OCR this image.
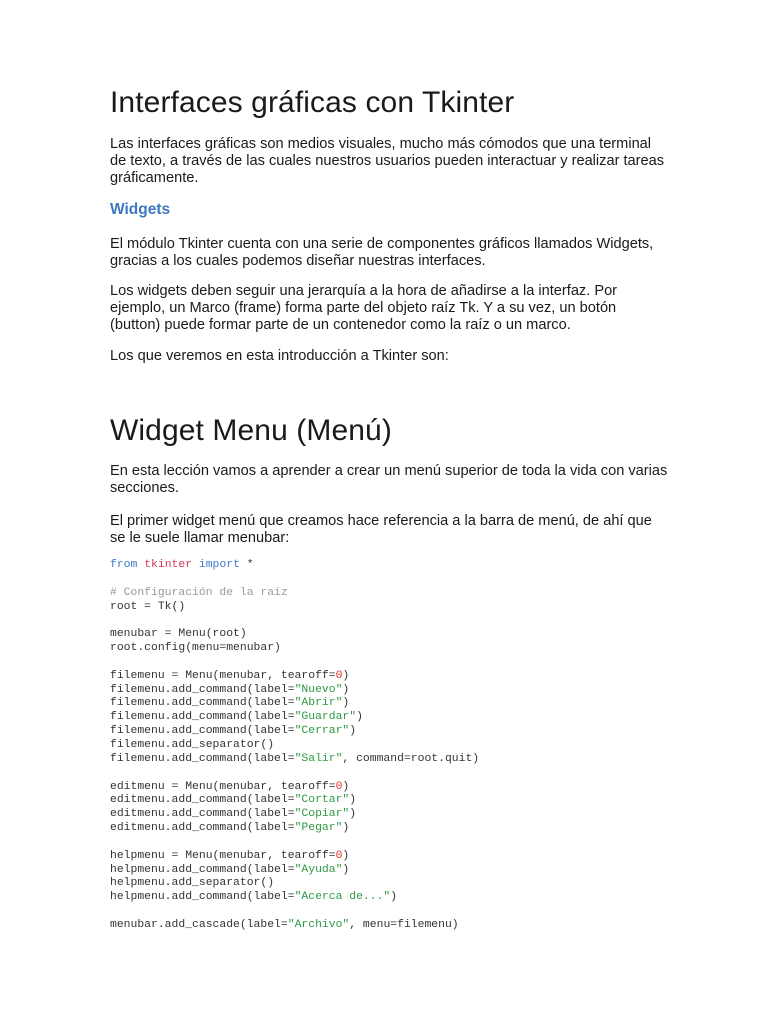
Interfaces gráficas con Tkinter

Las interfaces gráficas son medios visuales, mucho más cómodos que una terminal de texto, a través de las cuales nuestros usuarios pueden interactuar y realizar tareas gráficamente.

Widgets

El módulo Tkinter cuenta con una serie de componentes gráficos llamados Widgets, gracias a los cuales podemos diseñar nuestras interfaces.

Los widgets deben seguir una jerarquía a la hora de añadirse a la interfaz. Por ejemplo, un Marco (frame) forma parte del objeto raíz Tk. Y a su vez, un botón (button) puede formar parte de un contenedor como la raíz o un marco.

Los que veremos en esta introducción a Tkinter son:

Widget Menu (Menú)

En esta lección vamos a aprender a crear un menú superior de toda la vida con varias secciones.

El primer widget menú que creamos hace referencia a la barra de menú, de ahí que se le suele llamar menubar:

from tkinter import *
# Configuración de la raíz
root = Tk()
menubar = Menu(root)
root.config(menu=menubar)
filemenu = Menu(menubar, tearoff=0)
filemenu.add_command(label="Nuevo")
filemenu.add_command(label="Abrir")
filemenu.add_command(label="Guardar")
filemenu.add_command(label="Cerrar")
filemenu.add_separator()
filemenu.add_command(label="Salir", command=root.quit)
editmenu = Menu(menubar, tearoff=0)
editmenu.add_command(label="Cortar")
editmenu.add_command(label="Copiar")
editmenu.add_command(label="Pegar")
helpmenu = Menu(menubar, tearoff=0)
helpmenu.add_command(label="Ayuda")
helpmenu.add_separator()
helpmenu.add_command(label="Acerca de...")
menubar.add_cascade(label="Archivo", menu=filemenu)
